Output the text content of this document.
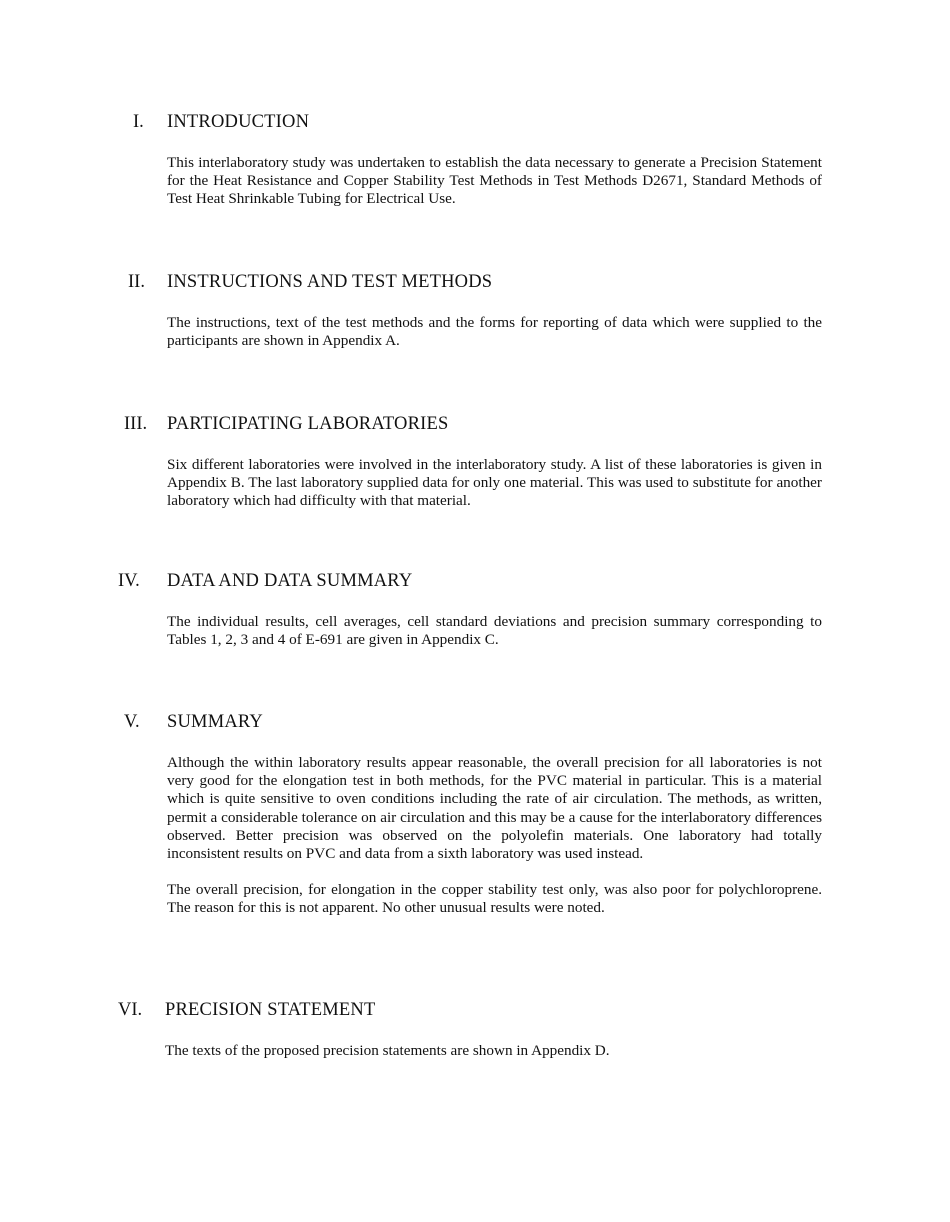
I. INTRODUCTION

This interlaboratory study was undertaken to establish the data necessary to generate a Precision Statement for the Heat Resistance and Copper Stability Test Methods in Test Methods D2671, Standard Methods of Test Heat Shrinkable Tubing for Electrical Use.

II. INSTRUCTIONS AND TEST METHODS

The instructions, text of the test methods and the forms for reporting of data which were supplied to the participants are shown in Appendix A.

III. PARTICIPATING LABORATORIES

Six different laboratories were involved in the interlaboratory study. A list of these laboratories is given in Appendix B. The last laboratory supplied data for only one material. This was used to substitute for another laboratory which had difficulty with that material.

IV. DATA AND DATA SUMMARY

The individual results, cell averages, cell standard deviations and precision summary corresponding to Tables 1, 2, 3 and 4 of E-691 are given in Appendix C.

V. SUMMARY

Although the within laboratory results appear reasonable, the overall precision for all laboratories is not very good for the elongation test in both methods, for the PVC material in particular. This is a material which is quite sensitive to oven conditions including the rate of air circulation. The methods, as written, permit a considerable tolerance on air circulation and this may be a cause for the interlaboratory differences observed. Better precision was observed on the polyolefin materials. One laboratory had totally inconsistent results on PVC and data from a sixth laboratory was used instead.

The overall precision, for elongation in the copper stability test only, was also poor for polychloroprene. The reason for this is not apparent. No other unusual results were noted.

VI. PRECISION STATEMENT

The texts of the proposed precision statements are shown in Appendix D.
